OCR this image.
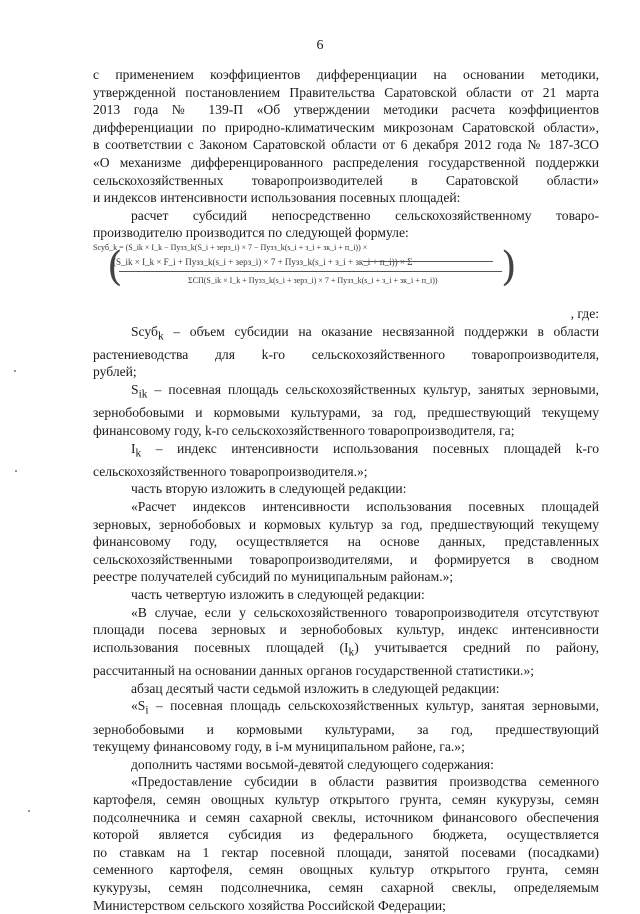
6

с применением коэффициентов дифференциации на основании методики,

утвержденной постановлением Правительства Саратовской области от 21 марта

2013 года № 139-П «Об утверждении методики расчета коэффициентов

дифференциации по природно-климатическим микрозонам Саратовской области»,

в соответствии с Законом Саратовской области от 6 декабря 2012 года № 187-ЗСО

«О механизме дифференцированного распределения государственной поддержки

сельскохозяйственных товаропроизводителей в Саратовской области»

и индексов интенсивности использования посевных площадей:

расчет субсидий непосредственно сельскохозяйственному товаро-

производителю производится по следующей формуле:

Scyб_k = (S_ik × I_k − Пузз_k(S_i + зерз_i) × 7 − Пузз_k(s_i + з_i + зк_i + п_i)) ×
(
(S_ik × I_k × F_i + Пузз_k(s_i + зерз_i) × 7 + Пузз_k(s_i + з_i + зк_i + п_i)) × Σ
ΣСП(S_ik × I_k + Пузз_k(s_i + зерз_i) × 7 + Пузз_k(s_i + з_i + зк_i + п_i)) )

, где:

Sсуб$_k$ – объем субсидии на оказание несвязанной поддержки в области

растениеводства для k-го сельскохозяйственного товаропроизводителя,

рублей;

$S_{ik}$ – посевная площадь сельскохозяйственных культур, занятых зерновыми,

зернобобовыми и кормовыми культурами, за год, предшествующий текущему

финансовому году, k-го сельскохозяйственного товаропроизводителя, га;

$I_k$ – индекс интенсивности использования посевных площадей k-го

сельскохозяйственного товаропроизводителя.»;

часть вторую изложить в следующей редакции:

«Расчет индексов интенсивности использования посевных площадей

зерновых, зернобобовых и кормовых культур за год, предшествующий текущему

финансовому году, осуществляется на основе данных, представленных

сельскохозяйственными товаропроизводителями, и формируется в сводном

реестре получателей субсидий по муниципальным районам.»;

часть четвертую изложить в следующей редакции:

«В случае, если у сельскохозяйственного товаропроизводителя отсутствуют

площади посева зерновых и зернобобовых культур, индекс интенсивности

использования посевных площадей $(I_k)$ учитывается средний по району,

рассчитанный на основании данных органов государственной статистики.»;

абзац десятый части седьмой изложить в следующей редакции:

«$S_i$ – посевная площадь сельскохозяйственных культур, занятая зерновыми,

зернобобовыми и кормовыми культурами, за год, предшествующий

текущему финансовому году, в i-м муниципальном районе, га.»;

дополнить частями восьмой-девятой следующего содержания:

«Предоставление субсидии в области развития производства семенного

картофеля, семян овощных культур открытого грунта, семян кукурузы, семян

подсолнечника и семян сахарной свеклы, источником финансового обеспечения

которой является субсидия из федерального бюджета, осуществляется

по ставкам на 1 гектар посевной площади, занятой посевами (посадками)

семенного картофеля, семян овощных культур открытого грунта, семян

кукурузы, семян подсолнечника, семян сахарной свеклы, определяемым

Министерством сельского хозяйства Российской Федерации;
